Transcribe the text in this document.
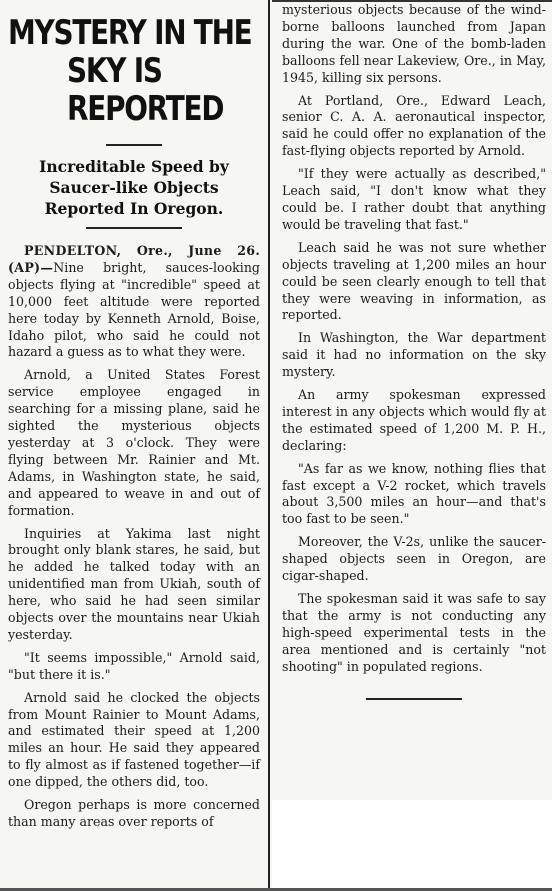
MYSTERY IN THE
SKY IS REPORTED
Increditable Speed by Saucer-like Objects Reported In Oregon.

PENDELTON, Ore., June 26. (AP)—Nine bright, sauces-looking objects flying at "incredible" speed at 10,000 feet altitude were reported here today by Kenneth Arnold, Boise, Idaho pilot, who said he could not hazard a guess as to what they were.

Arnold, a United States Forest service employee engaged in searching for a missing plane, said he sighted the mysterious objects yesterday at 3 o'clock. They were flying between Mr. Rainier and Mt. Adams, in Washington state, he said, and appeared to weave in and out of formation.

Inquiries at Yakima last night brought only blank stares, he said, but he added he talked today with an unidentified man from Ukiah, south of here, who said he had seen similar objects over the mountains near Ukiah yesterday.

"It seems impossible," Arnold said, "but there it is."

Arnold said he clocked the objects from Mount Rainier to Mount Adams, and estimated their speed at 1,200 miles an hour. He said they appeared to fly almost as if fastened together—if one dipped, the others did, too.

Oregon perhaps is more concerned than many areas over reports of

mysterious objects because of the wind-borne balloons launched from Japan during the war. One of the bomb-laden balloons fell near Lakeview, Ore., in May, 1945, killing six persons.

At Portland, Ore., Edward Leach, senior C. A. A. aeronautical inspector, said he could offer no explanation of the fast-flying objects reported by Arnold.

"If they were actually as described," Leach said, "I don't know what they could be. I rather doubt that anything would be traveling that fast."

Leach said he was not sure whether objects traveling at 1,200 miles an hour could be seen clearly enough to tell that they were weaving in information, as reported.

In Washington, the War department said it had no information on the sky mystery.

An army spokesman expressed interest in any objects which would fly at the estimated speed of 1,200 M. P. H., declaring:

"As far as we know, nothing flies that fast except a V-2 rocket, which travels about 3,500 miles an hour—and that's too fast to be seen."

Moreover, the V-2s, unlike the saucer-shaped objects seen in Oregon, are cigar-shaped.

The spokesman said it was safe to say that the army is not conducting any high-speed experimental tests in the area mentioned and is certainly "not shooting" in populated regions.
